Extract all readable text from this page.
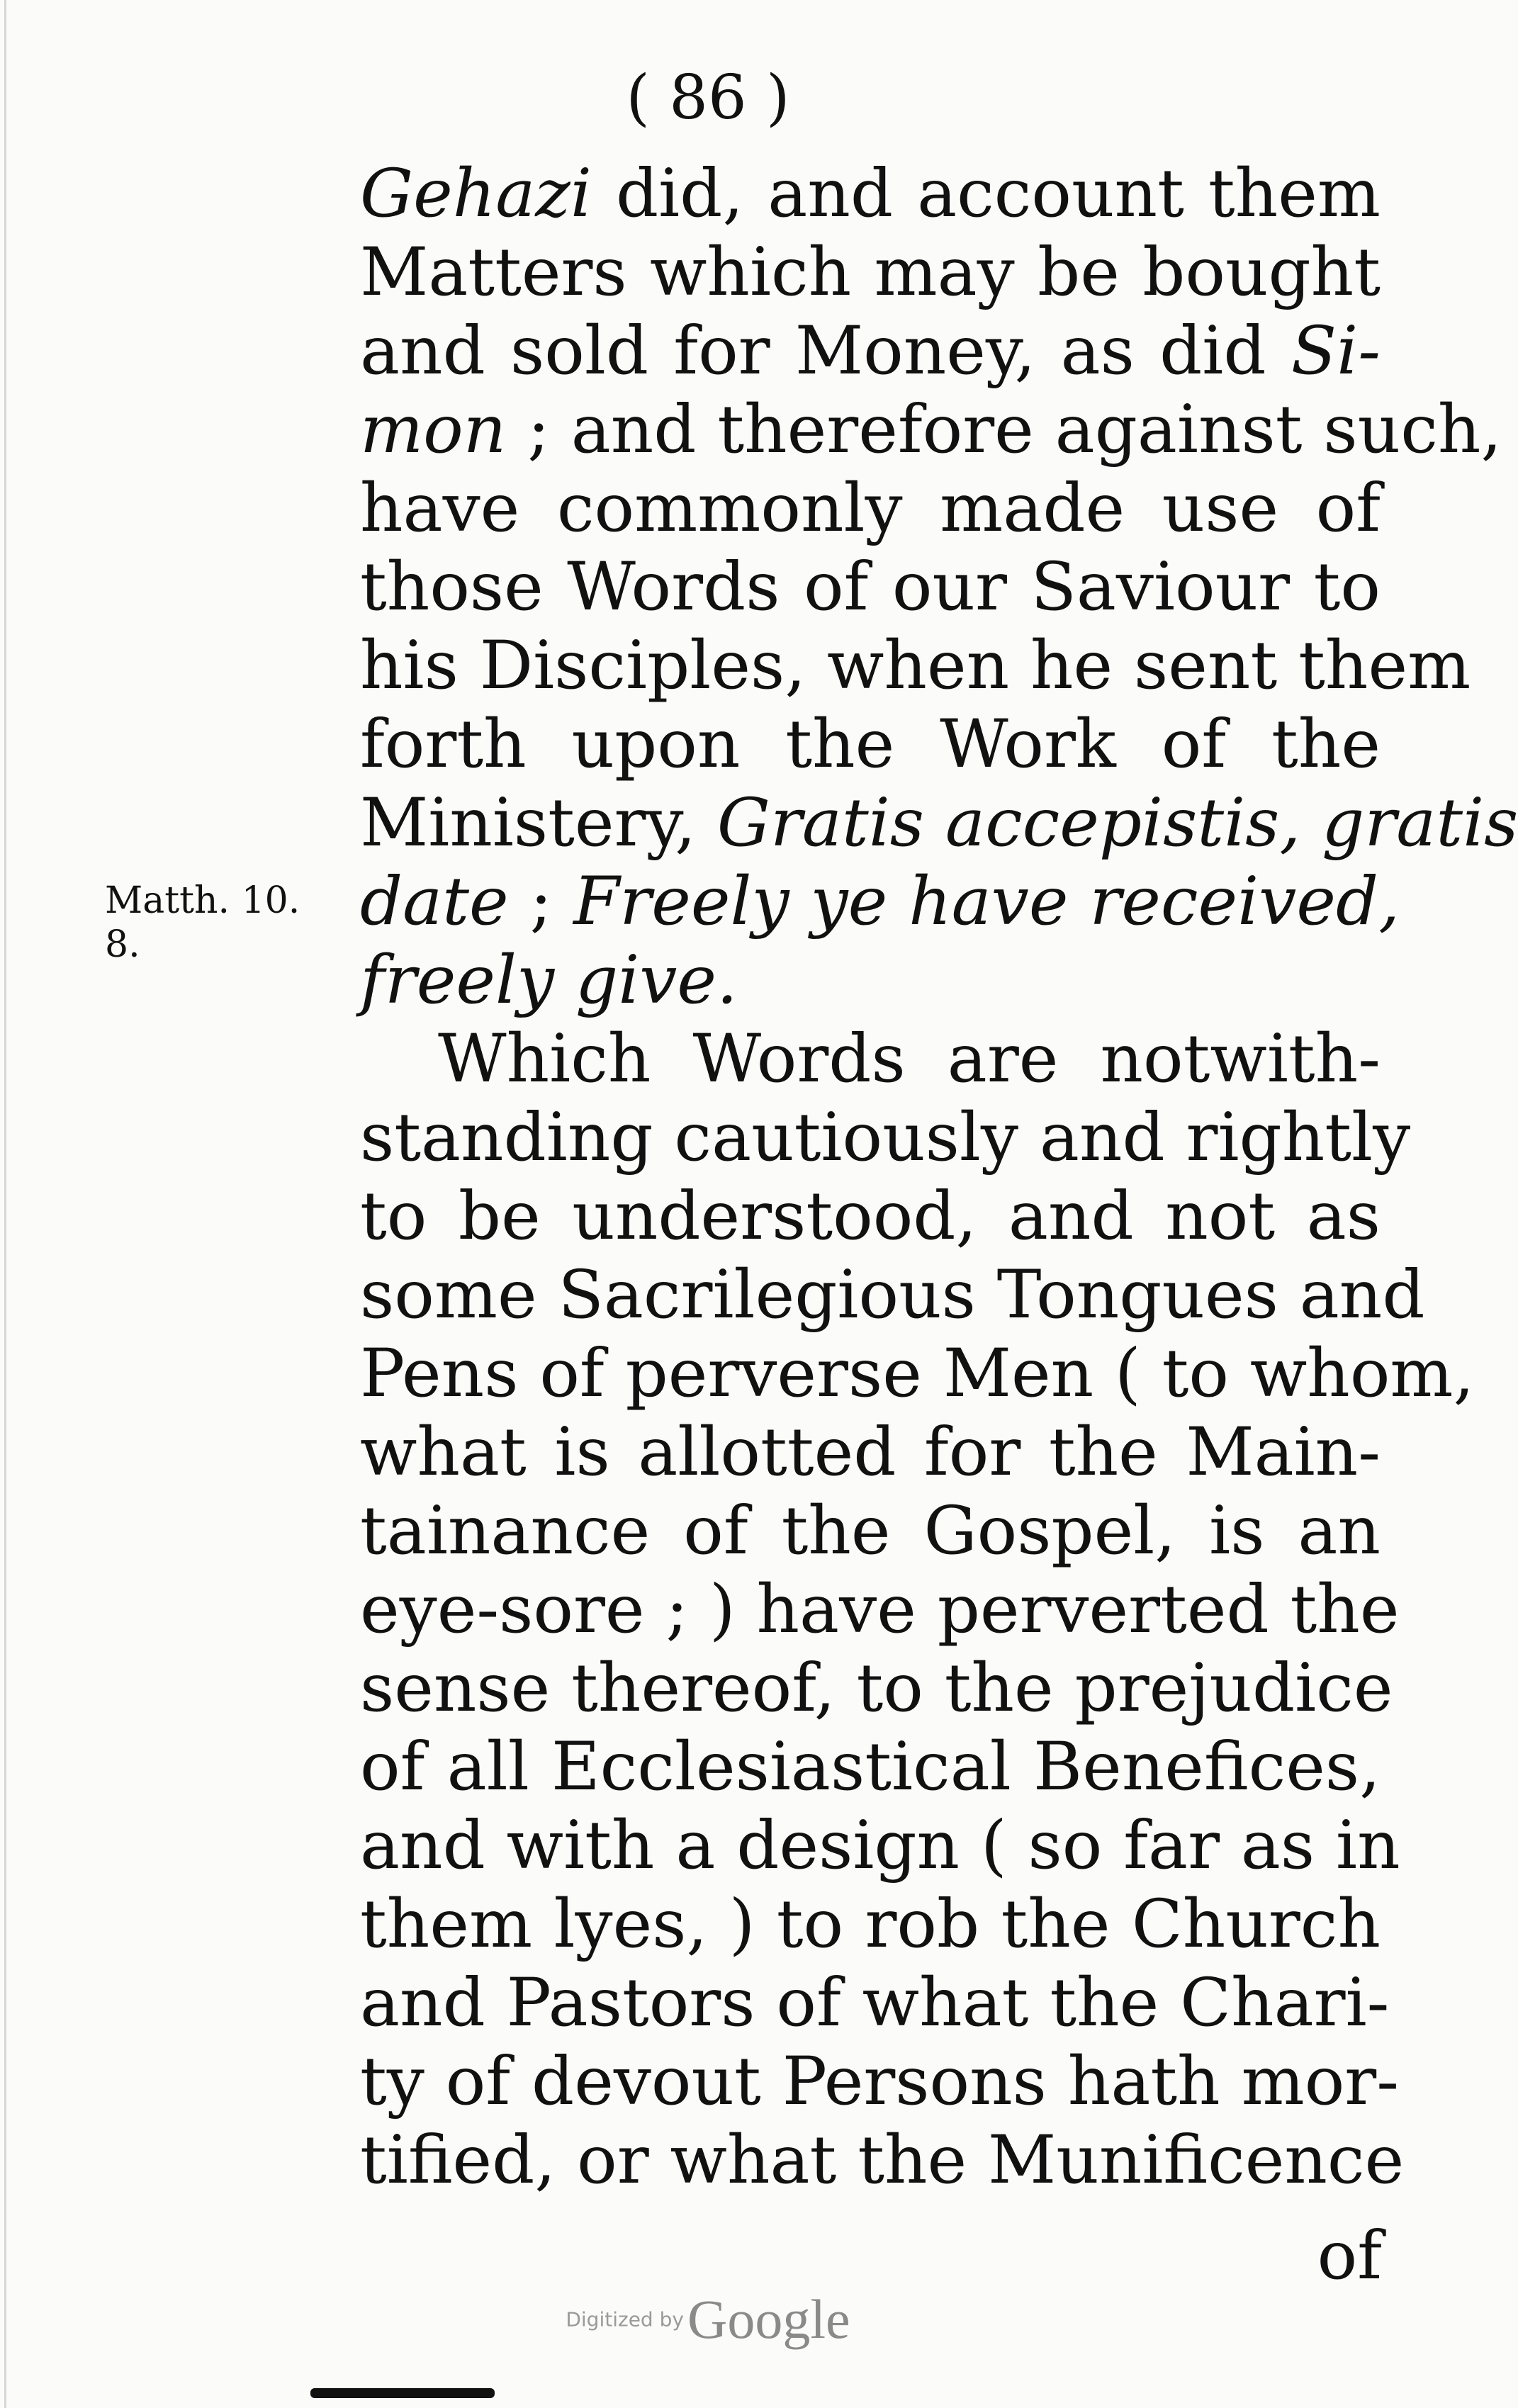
( 86 )
Gehazi did, and account them
Matters which may be bought
and sold for Money, as did Si-
mon ; and therefore against such,
have commonly made use of
those Words of our Saviour to
his Disciples, when he sent them
forth upon the Work of the
Ministery, Gratis accepistis, gratis
date ; Freely ye have received,
freely give.
Which Words are notwith-
standing cautiously and rightly
to be understood, and not as
some Sacrilegious Tongues and
Pens of perverse Men ( to whom,
what is allotted for the Main-
tainance of the Gospel, is an
eye-sore ; ) have perverted the
sense thereof, to the prejudice
of all Ecclesiastical Benefices,
and with a design ( so far as in
them lyes, ) to rob the Church
and Pastors of what the Chari-
ty of devout Persons hath mor-
tified, or what the Munificence
Matth. 10.
8.
of
Digitized by Google
